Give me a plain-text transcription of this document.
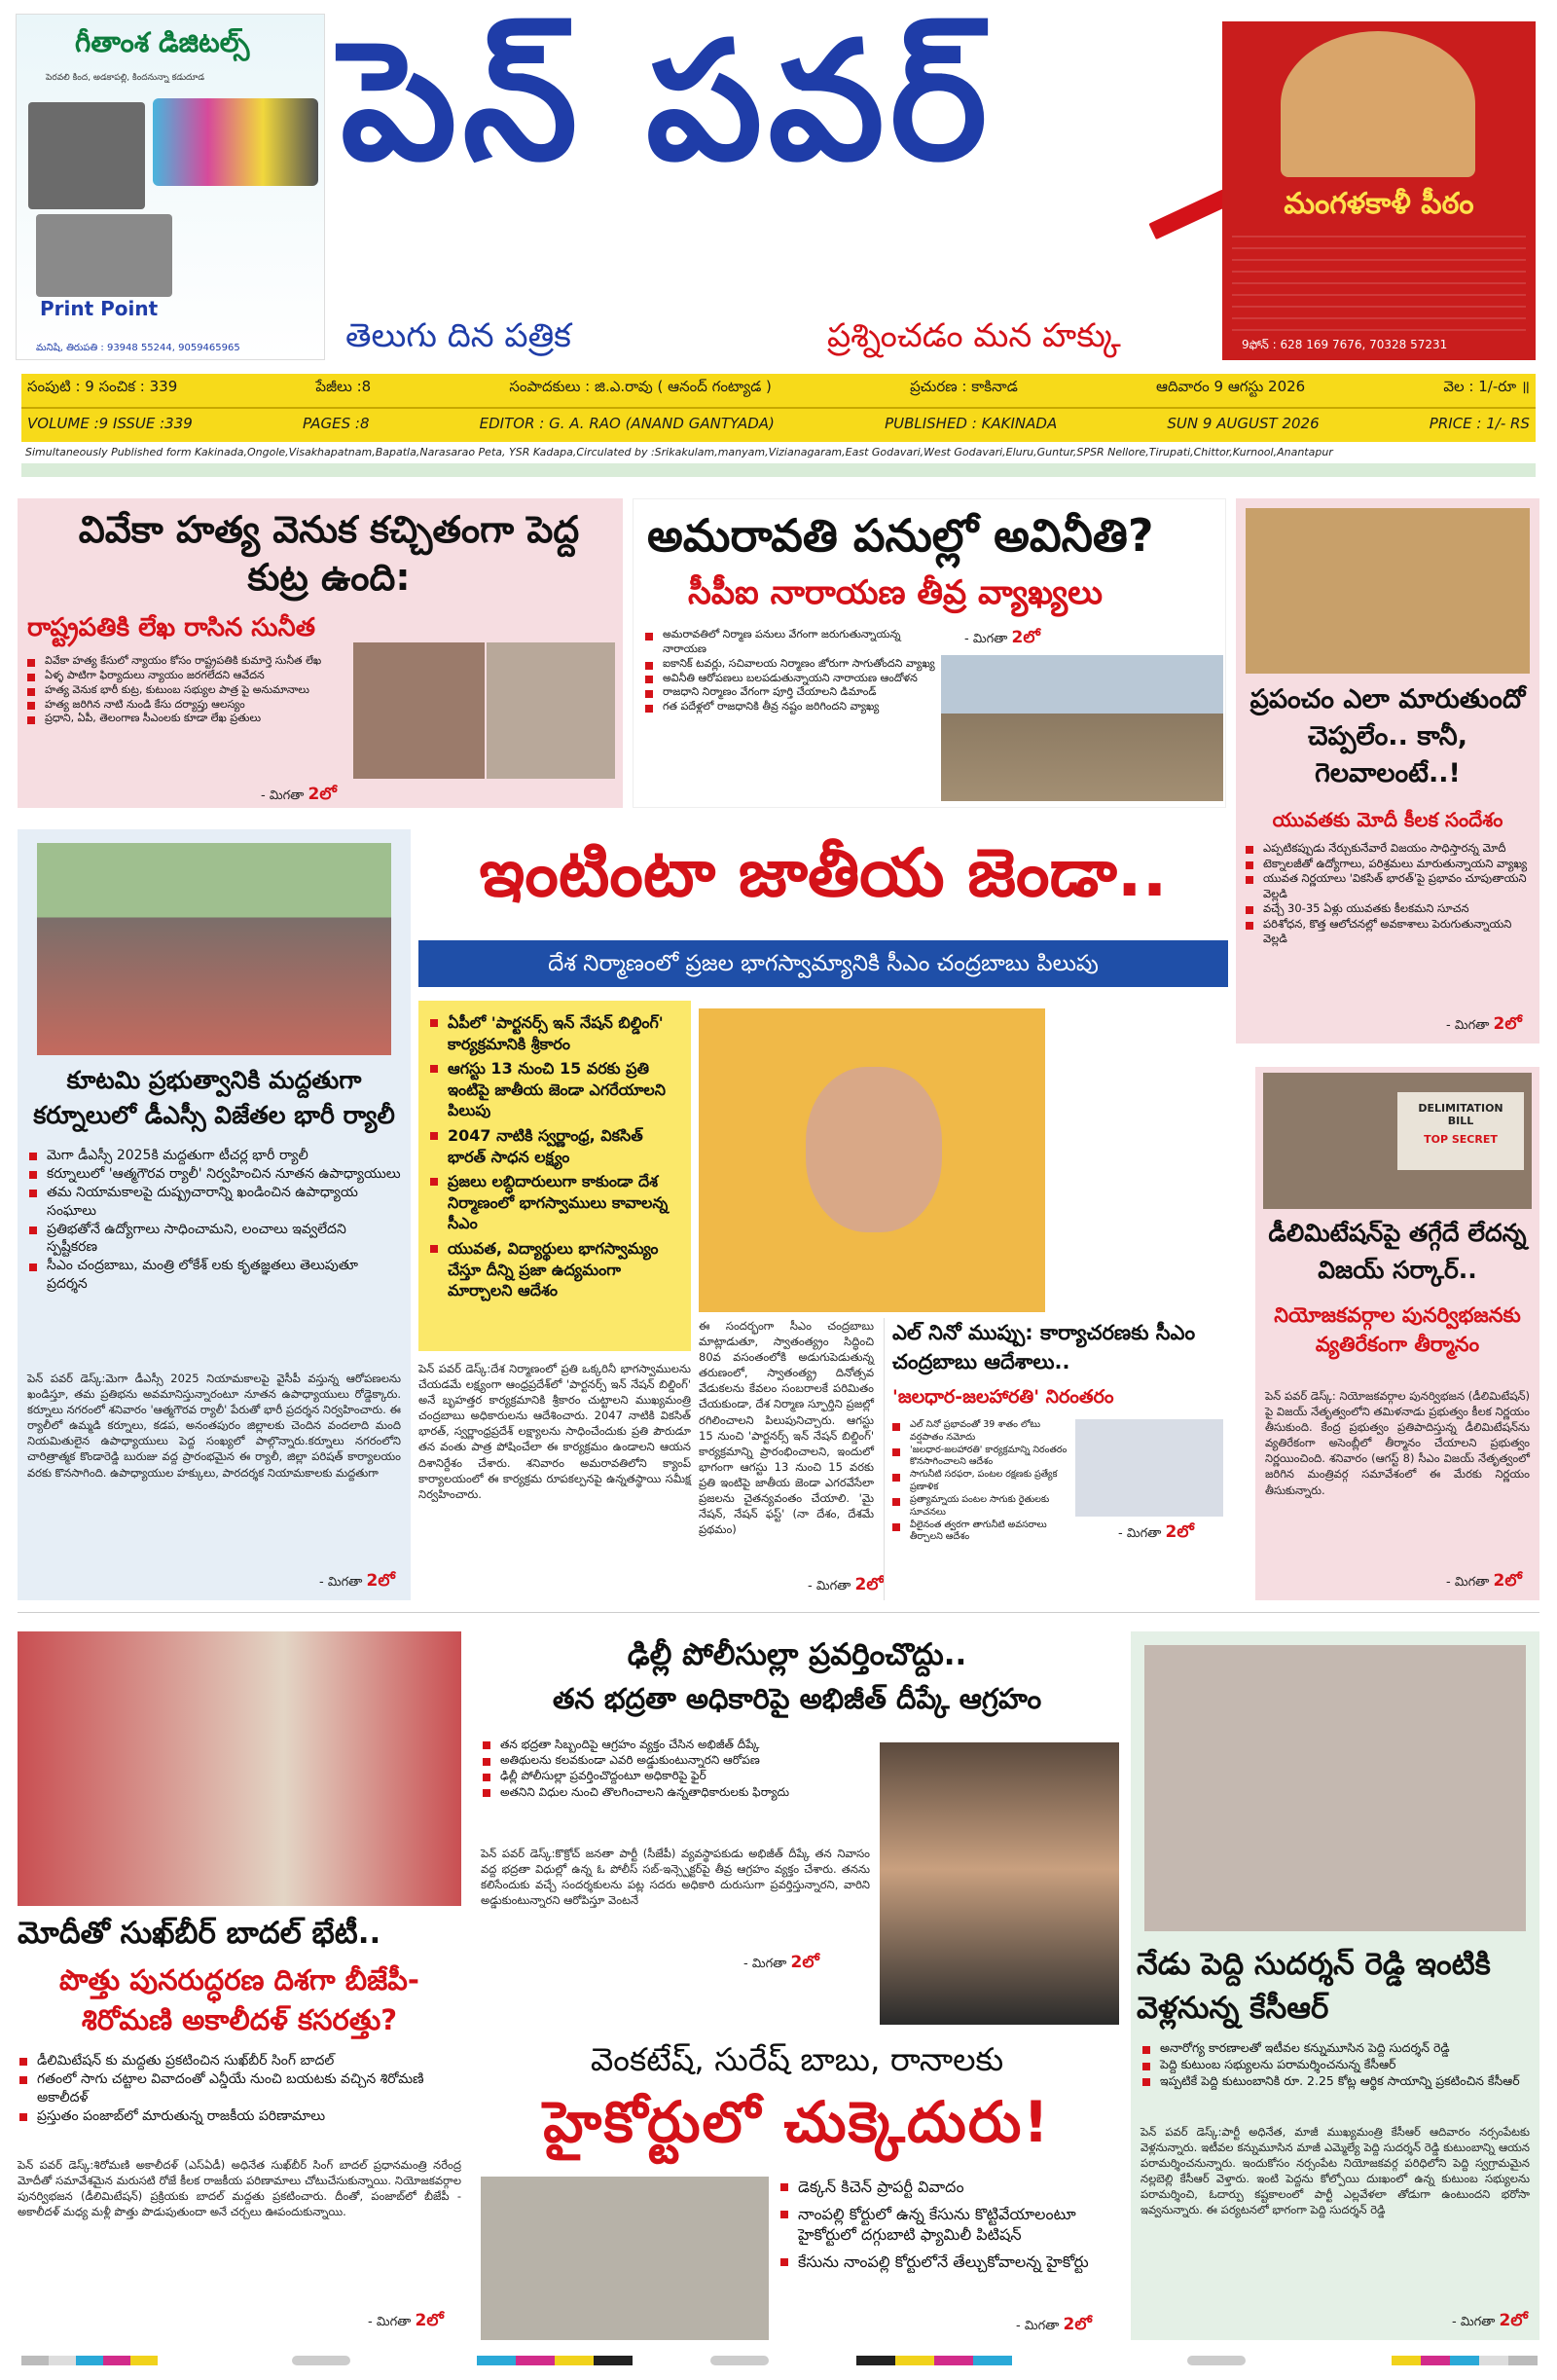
గీతాంశ డిజిటల్స్
పెరవలి కింద, అడకాపల్లి, కిందనున్నా కడుదూడ
Print Point
మనిషి, తిరుపతి : 93948 55244, 9059465965
పెన్ పవర్
తెలుగు దిన పత్రిక	ప్రశ్నించడం మన హక్కు
మంగళకాళీ పీఠం
9ఫోన్ : 628 169 7676, 70328 57231
సంపుటి : 9 సంచిక : 339	పేజీలు :8	సంపాదకులు : జి.ఎ.రావు ( ఆనంద్ గంట్యాడ )	ప్రచురణ : కాకినాడ	ఆదివారం 9 ఆగస్టు 2026	వెల : 1/-రూ ॥
VOLUME :9 ISSUE :339	PAGES :8	EDITOR : G. A. RAO (ANAND GANTYADA)	PUBLISHED : KAKINADA	SUN 9 AUGUST 2026	PRICE : 1/- RS
Simultaneously Published form Kakinada,Ongole,Visakhapatnam,Bapatla,Narasarao Peta, YSR Kadapa,Circulated by :Srikakulam,manyam,Vizianagaram,East Godavari,West Godavari,Eluru,Guntur,SPSR Nellore,Tirupati,Chittor,Kurnool,Anantapur
వివేకా హత్య వెనుక కచ్చితంగా పెద్ద కుట్ర ఉంది:
రాష్ట్రపతికి లేఖ రాసిన సునీత
వివేకా హత్య కేసులో న్యాయం కోసం రాష్ట్రపతికి కుమార్తె సునీత లేఖ
ఏళ్ళ పాటిగా ఫిర్యాదులు న్యాయం జరగలేదని ఆవేదన
హత్య వెనుక భారీ కుట్ర, కుటుంబ సభ్యుల పాత్ర పై అనుమానాలు
హత్య జరిగిన నాటి నుండి కేసు దర్యాప్తు ఆలస్యం
ప్రధాని, ఏపీ, తెలంగాణ సీఎంలకు కూడా లేఖ ప్రతులు
- మిగతా 2లో
అమరావతి పనుల్లో అవినీతి?
సీపీఐ నారాయణ తీవ్ర వ్యాఖ్యలు
అమరావతిలో నిర్మాణ పనులు వేగంగా జరుగుతున్నాయన్న నారాయణ
ఐకానిక్ టవర్లు, సచివాలయ నిర్మాణం జోరుగా సాగుతోందని వ్యాఖ్య
అవినీతి ఆరోపణలు బలపడుతున్నాయని నారాయణ ఆందోళన
రాజధాని నిర్మాణం వేగంగా పూర్తి చేయాలని డిమాండ్
గత పదేళ్లలో రాజధానికి తీవ్ర నష్టం జరిగిందని వ్యాఖ్య
- మిగతా 2లో
ప్రపంచం ఎలా మారుతుందో చెప్పలేం.. కానీ, గెలవాలంటే..!
యువతకు మోదీ కీలక సందేశం
ఎప్పటికప్పుడు నేర్చుకునేవారే విజయం సాధిస్తారన్న మోదీ
టెక్నాలజీతో ఉద్యోగాలు, పరిశ్రమలు మారుతున్నాయని వ్యాఖ్య
యువత నిర్ణయాలు 'వికసిత్ భారత్'పై ప్రభావం చూపుతాయని వెల్లడి
వచ్చే 30-35 ఏళ్లు యువతకు కీలకమని సూచన
పరిశోధన, కొత్త ఆలోచనల్లో అవకాశాలు పెరుగుతున్నాయని వెల్లడి
- మిగతా 2లో
కూటమి ప్రభుత్వానికి మద్దతుగా కర్నూలులో డీఎస్సీ విజేతల భారీ ర్యాలీ
మెగా డీఎస్సీ 2025కి మద్దతుగా టీచర్ల భారీ ర్యాలీ
కర్నూలులో 'ఆత్మగౌరవ ర్యాలీ' నిర్వహించిన నూతన ఉపాధ్యాయులు
తమ నియామకాలపై దుష్ప్రచారాన్ని ఖండించిన ఉపాధ్యాయ సంఘాలు
ప్రతిభతోనే ఉద్యోగాలు సాధించామని, లంచాలు ఇవ్వలేదని స్పష్టీకరణ
సీఎం చంద్రబాబు, మంత్రి లోకేశ్ లకు కృతజ్ఞతలు తెలుపుతూ ప్రదర్శన
పెన్ పవర్ డెస్క్:మెగా డీఎస్సీ 2025 నియామకాలపై వైసీపీ వస్తున్న ఆరోపణలను ఖండిస్తూ, తమ ప్రతిభను అవమానిస్తున్నారంటూ నూతన ఉపాధ్యాయులు రోడ్డెక్కారు. కర్నూలు నగరంలో శనివారం 'ఆత్మగౌరవ ర్యాలీ' పేరుతో భారీ ప్రదర్శన నిర్వహించారు. ఈ ర్యాలీలో ఉమ్మడి కర్నూలు, కడప, అనంతపురం జిల్లాలకు చెందిన వందలాది మంది నియమితులైన ఉపాధ్యాయులు పెద్ద సంఖ్యలో పాల్గొన్నారు.కర్నూలు నగరంలోని చారిత్రాత్మక కొండారెడ్డి బురుజు వద్ద ప్రారంభమైన ఈ ర్యాలీ, జిల్లా పరిషత్ కార్యాలయం వరకు కొనసాగింది. ఉపాధ్యాయుల హక్కులు, పారదర్శక నియామకాలకు మద్దతుగా
- మిగతా 2లో
ఇంటింటా జాతీయ జెండా..
దేశ నిర్మాణంలో ప్రజల భాగస్వామ్యానికి సీఎం చంద్రబాబు పిలుపు
ఏపీలో 'పార్టనర్స్ ఇన్ నేషన్ బిల్డింగ్' కార్యక్రమానికి శ్రీకారం
ఆగస్టు 13 నుంచి 15 వరకు ప్రతి ఇంటిపై జాతీయ జెండా ఎగరేయాలని పిలుపు
2047 నాటికి స్వర్ణాంధ్ర, వికసిత్ భారత్ సాధన లక్ష్యం
ప్రజలు లబ్ధిదారులుగా కాకుండా దేశ నిర్మాణంలో భాగస్వాములు కావాలన్న సీఎం
యువత, విద్యార్థులు భాగస్వామ్యం చేస్తూ దీన్ని ప్రజా ఉద్యమంగా మార్చాలని ఆదేశం
పెన్ పవర్ డెస్క్:దేశ నిర్మాణంలో ప్రతి ఒక్కరినీ భాగస్వాములను చేయడమే లక్ష్యంగా ఆంధ్రప్రదేశ్‌లో 'పార్టనర్స్ ఇన్ నేషన్ బిల్డింగ్' అనే బృహత్తర కార్యక్రమానికి శ్రీకారం చుట్టాలని ముఖ్యమంత్రి చంద్రబాబు అధికారులను ఆదేశించారు. 2047 నాటికి వికసిత్ భారత్, స్వర్ణాంధ్రప్రదేశ్ లక్ష్యాలను సాధించేందుకు ప్రతి పౌరుడూ తన వంతు పాత్ర పోషించేలా ఈ కార్యక్రమం ఉండాలని ఆయన దిశానిర్దేశం చేశారు. శనివారం అమరావతిలోని క్యాంప్ కార్యాలయంలో ఈ కార్యక్రమ రూపకల్పనపై ఉన్నతస్థాయి సమీక్ష నిర్వహించారు.
ఈ సందర్భంగా సీఎం చంద్రబాబు మాట్లాడుతూ, స్వాతంత్య్రం సిద్ధించి 80వ వసంతంలోకి అడుగుపెడుతున్న తరుణంలో, స్వాతంత్య్ర దినోత్సవ వేడుకలను కేవలం సంబరాలకే పరిమితం చేయకుండా, దేశ నిర్మాణ స్ఫూర్తిని ప్రజల్లో రగిలించాలని పిలుపునిచ్చారు. ఆగస్టు 15 నుంచి 'పార్టనర్స్ ఇన్ నేషన్ బిల్డింగ్' కార్యక్రమాన్ని ప్రారంభించాలని, ఇందులో భాగంగా ఆగస్టు 13 నుంచి 15 వరకు ప్రతి ఇంటిపై జాతీయ జెండా ఎగరవేసేలా ప్రజలను చైతన్యవంతం చేయాలి. 'మై నేషన్, నేషన్ ఫస్ట్' (నా దేశం, దేశమే ప్రథమం)
- మిగతా 2లో
ఎల్ నినో ముప్పు: కార్యాచరణకు సీఎం చంద్రబాబు ఆదేశాలు..
'జలధార-జలహారతి' నిరంతరం
ఎల్ నినో ప్రభావంతో 39 శాతం లోటు వర్షపాతం నమోదు
'జలధార-జలహారతి' కార్యక్రమాన్ని నిరంతరం కొనసాగించాలని ఆదేశం
సాగునీటి సరఫరా, పంటల రక్షణకు ప్రత్యేక ప్రణాళిక
ప్రత్యామ్నాయ పంటల సాగుకు రైతులకు సూచనలు
వీలైనంత త్వరగా తాగునీటి అవసరాలు తీర్చాలని ఆదేశం	- మిగతా 2లో
DELIMITATION
BILL
TOP SECRET
డీలిమిటేషన్‌పై తగ్గేదే లేదన్న విజయ్ సర్కార్..
నియోజకవర్గాల పునర్విభజనకు వ్యతిరేకంగా తీర్మానం
పెన్ పవర్ డెస్క్: నియోజకవర్గాల పునర్విభజన (డీలిమిటేషన్) పై విజయ్ నేతృత్వంలోని తమిళనాడు ప్రభుత్వం కీలక నిర్ణయం తీసుకుంది. కేంద్ర ప్రభుత్వం ప్రతిపాదిస్తున్న డీలిమిటేషన్‌ను వ్యతిరేకంగా అసెంబ్లీలో తీర్మానం చేయాలని ప్రభుత్వం నిర్ణయించింది. శనివారం (ఆగస్ట్ 8) సీఎం విజయ్ నేతృత్వంలో జరిగిన మంత్రివర్గ సమావేశంలో ఈ మేరకు నిర్ణయం తీసుకున్నారు.
- మిగతా 2లో
మోదీతో సుఖ్‌బీర్ బాదల్ భేటీ..
పొత్తు పునరుద్ధరణ దిశగా బీజేపీ-శిరోమణి అకాలీదళ్ కసరత్తు?
డీలిమిటేషన్ కు మద్దతు ప్రకటించిన సుఖ్‌బీర్ సింగ్ బాదల్
గతంలో సాగు చట్టాల వివాదంతో ఎన్డీయే నుంచి బయటకు వచ్చిన శిరోమణి అకాలీదళ్
ప్రస్తుతం పంజాబ్‌లో మారుతున్న రాజకీయ పరిణామాలు
పెన్ పవర్ డెస్క్:శిరోమణి అకాలీదళ్ (ఎస్ఏడీ) అధినేత సుఖ్‌బీర్ సింగ్ బాదల్ ప్రధానమంత్రి నరేంద్ర మోదీతో సమావేశమైన మరుసటి రోజే కీలక రాజకీయ పరిణామాలు చోటుచేసుకున్నాయి. నియోజకవర్గాల పునర్విభజన (డీలిమిటేషన్) ప్రక్రియకు బాదల్ మద్దతు ప్రకటించారు. దీంతో, పంజాబ్‌లో బీజేపీ - అకాలీదళ్ మధ్య మళ్లీ పొత్తు పొడుపుతుందా అనే చర్చలు ఊపందుకున్నాయి.
- మిగతా 2లో
ఢిల్లీ పోలీసుల్లా ప్రవర్తించొద్దు..
తన భద్రతా అధికారిపై అభిజీత్ దీప్కే ఆగ్రహం
తన భద్రతా సిబ్బందిపై ఆగ్రహం వ్యక్తం చేసిన అభిజీత్ దీప్కే
అతిథులను కలవకుండా ఎవరి అడ్డుకుంటున్నారని ఆరోపణ
ఢిల్లీ పోలీసుల్లా ప్రవర్తించొద్దంటూ అధికారిపై ఫైర్
అతనిని విధుల నుంచి తొలగించాలని ఉన్నతాధికారులకు ఫిర్యాదు
పెన్ పవర్ డెస్క్:కొక్రోచ్ జనతా పార్టీ (సీజేపీ) వ్యవస్థాపకుడు అభిజీత్ దీప్కే తన నివాసం వద్ద భద్రతా విధుల్లో ఉన్న ఓ పోలీస్ సబ్-ఇన్స్పెక్టర్‌పై తీవ్ర ఆగ్రహం వ్యక్తం చేశారు. తనను కలిసేందుకు వచ్చే సందర్శకులను పట్ల సదరు అధికారి దురుసుగా ప్రవర్తిస్తున్నారని, వారిని అడ్డుకుంటున్నారని ఆరోపిస్తూ వెంటనే
- మిగతా 2లో
వెంకటేష్, సురేష్ బాబు, రానాలకు
హైకోర్టులో చుక్కెదురు!
డెక్కన్ కిచెన్ ప్రాపర్టీ వివాదం
నాంపల్లి కోర్టులో ఉన్న కేసును కొట్టివేయాలంటూ హైకోర్టులో దగ్గుబాటి ఫ్యామిలీ పిటిషన్
కేసును నాంపల్లి కోర్టులోనే తేల్చుకోవాలన్న హైకోర్టు
- మిగతా 2లో
నేడు పెద్ది సుదర్శన్ రెడ్డి ఇంటికి వెళ్లనున్న కేసీఆర్
అనారోగ్య కారణాలతో ఇటీవల కన్నుమూసిన పెద్ది సుదర్శన్ రెడ్డి
పెద్ది కుటుంబ సభ్యులను పరామర్శించనున్న కేసీఆర్
ఇప్పటికే పెద్ది కుటుంబానికి రూ. 2.25 కోట్ల ఆర్థిక సాయాన్ని ప్రకటించిన కేసీఆర్
పెన్ పవర్ డెస్క్:పార్టీ అధినేత, మాజీ ముఖ్యమంత్రి కేసీఆర్ ఆదివారం నర్సంపేటకు వెళ్లనున్నారు. ఇటీవల కన్నుమూసిన మాజీ ఎమ్మెల్యే పెద్ది సుదర్శన్ రెడ్డి కుటుంబాన్ని ఆయన పరామర్శించనున్నారు. ఇందుకోసం నర్సంపేట నియోజకవర్గ పరిధిలోని పెద్ది స్వగ్రామమైన నల్లబెల్లి కేసీఆర్ వెళ్తారు. ఇంటి పెద్దను కోల్పోయి దుఃఖంలో ఉన్న కుటుంబ సభ్యులను పరామర్శించి, ఓదార్పు కష్టకాలంలో పార్టీ ఎల్లవేళలా తోడుగా ఉంటుందని భరోసా ఇవ్వనున్నారు. ఈ పర్యటనలో భాగంగా పెద్ది సుదర్శన్ రెడ్డి
- మిగతా 2లో
